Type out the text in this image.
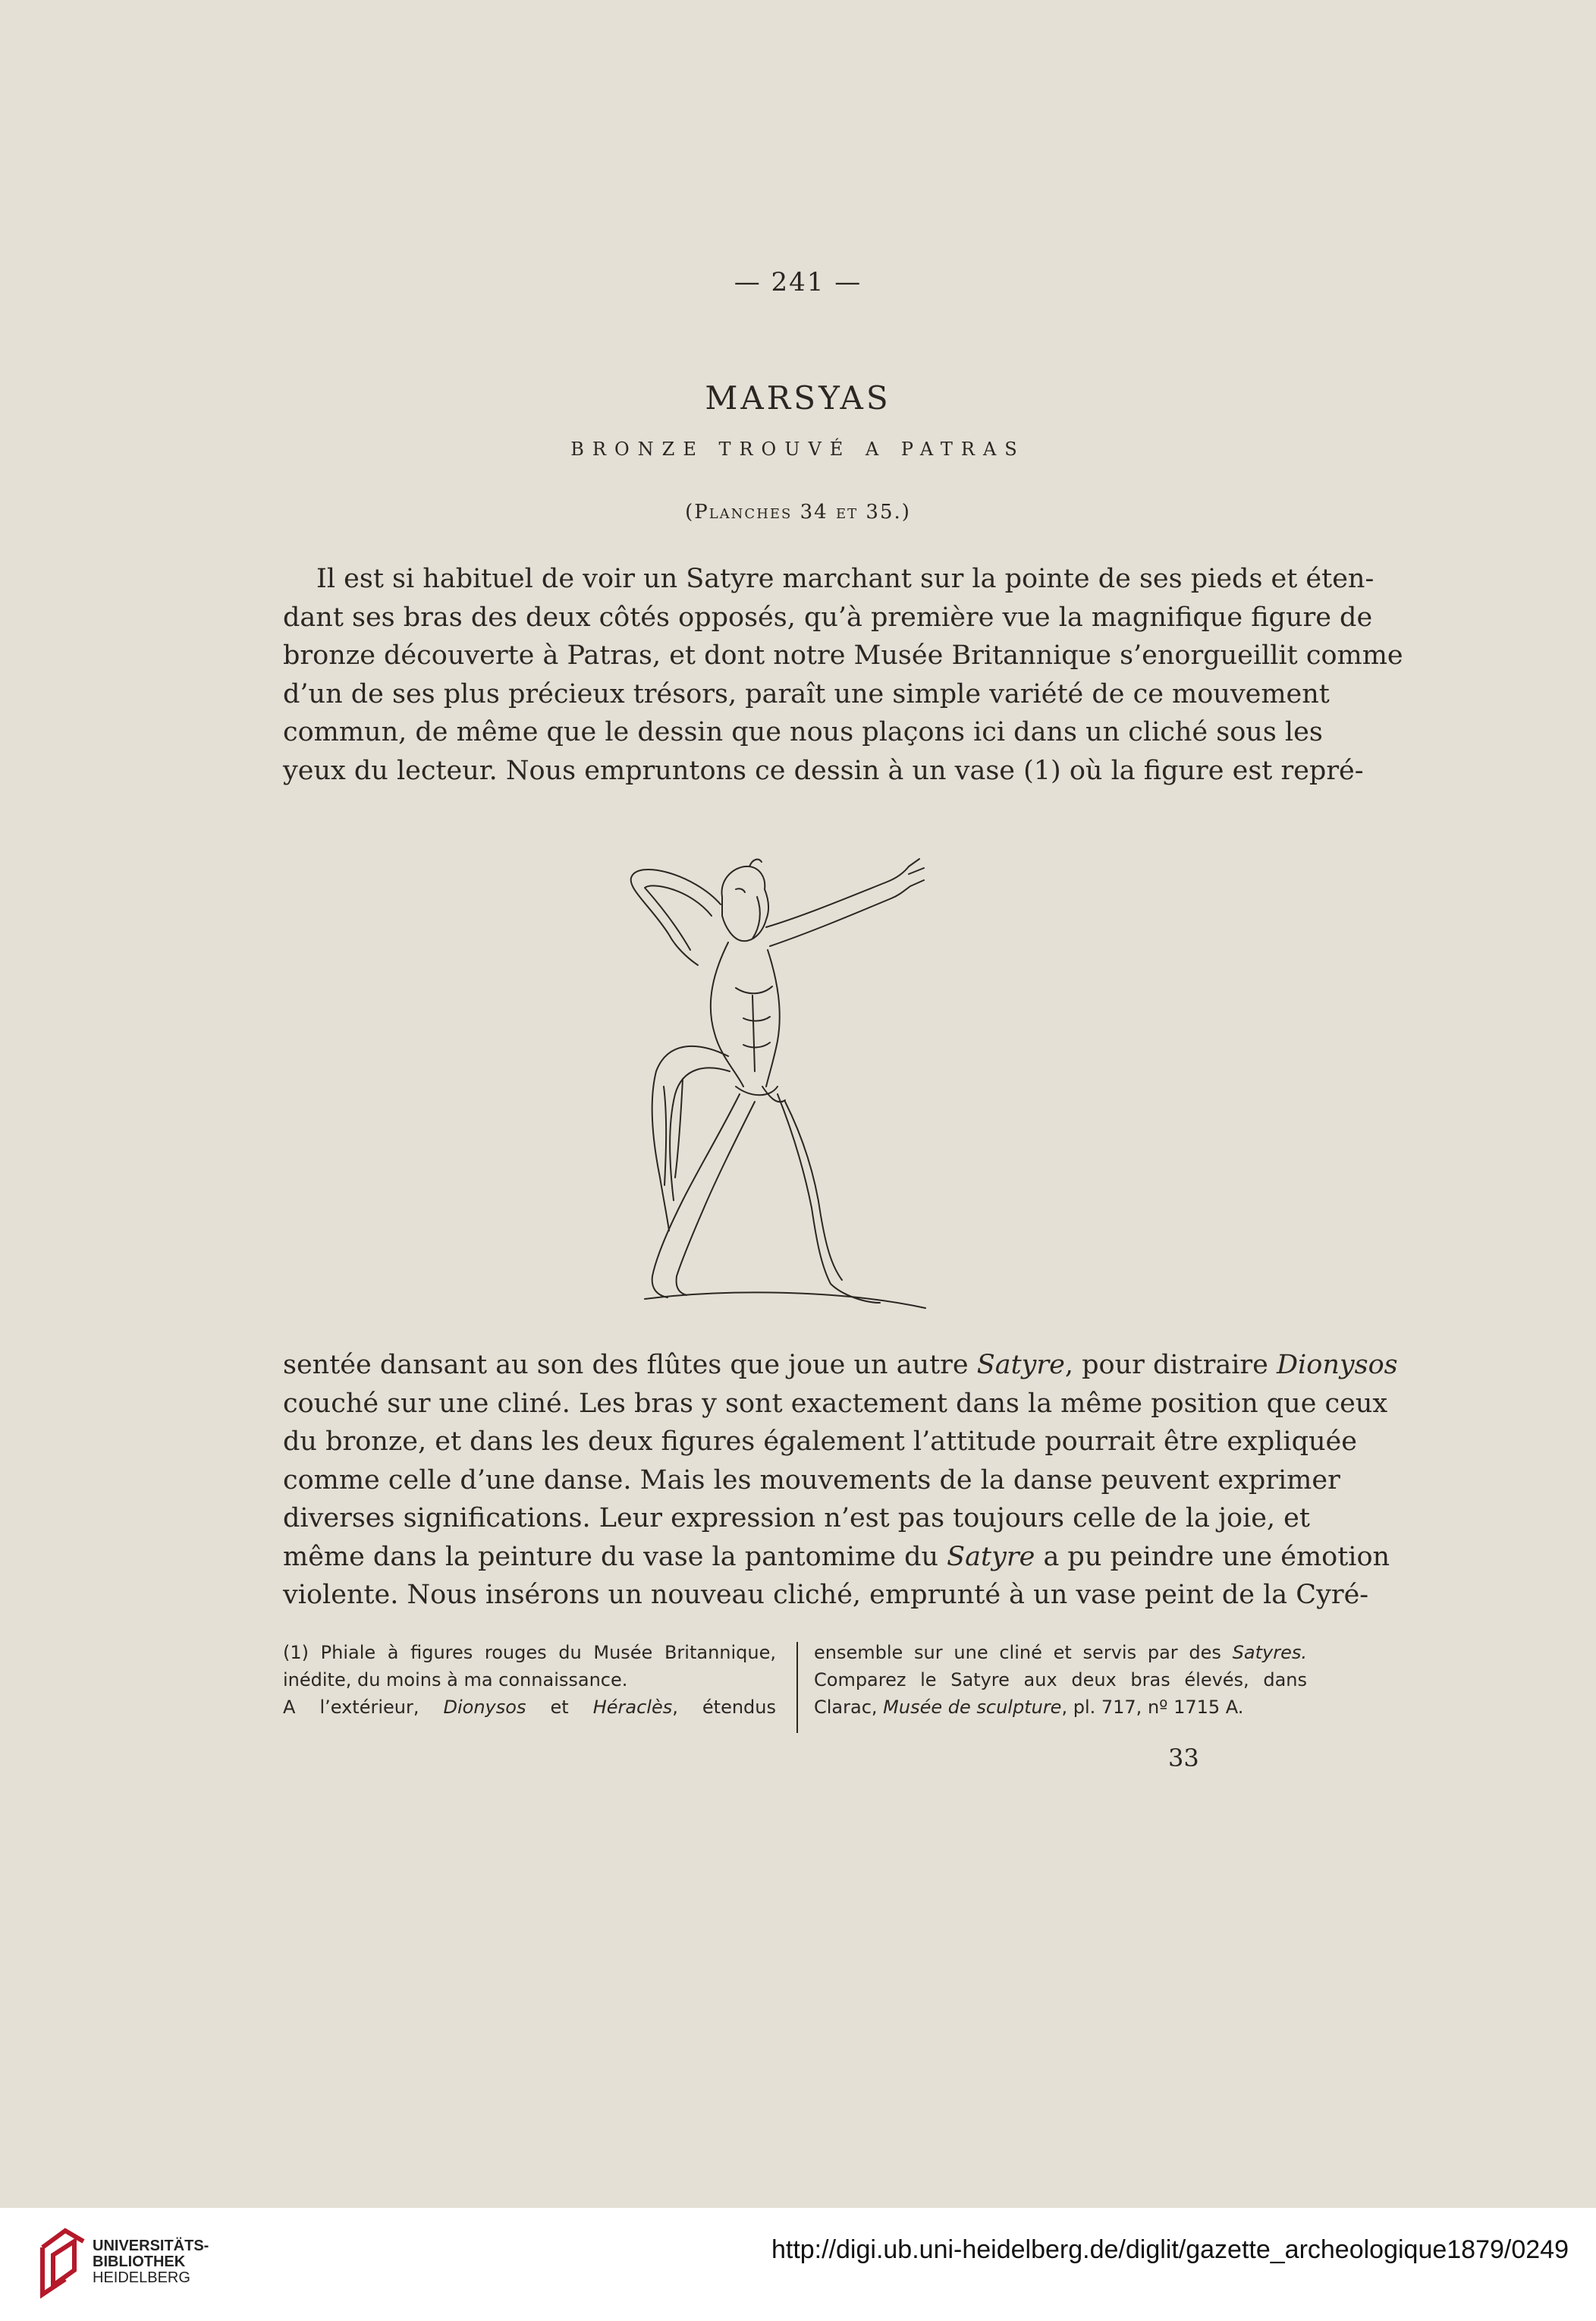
— 241 —
MARSYAS
BRONZE TROUVÉ A PATRAS
(Planches 34 et 35.)
Il est si habituel de voir un Satyre marchant sur la pointe de ses pieds et éten-
dant ses bras des deux côtés opposés, qu’à première vue la magnifique figure de
bronze découverte à Patras, et dont notre Musée Britannique s’enorgueillit comme
d’un de ses plus précieux trésors, paraît une simple variété de ce mouvement
commun, de même que le dessin que nous plaçons ici dans un cliché sous les
yeux du lecteur. Nous empruntons ce dessin à un vase (1) où la figure est repré-
sentée dansant au son des flûtes que joue un autre Satyre, pour distraire Dionysos
couché sur une cliné. Les bras y sont exactement dans la même position que ceux
du bronze, et dans les deux figures également l’attitude pourrait être expliquée
comme celle d’une danse. Mais les mouvements de la danse peuvent exprimer
diverses significations. Leur expression n’est pas toujours celle de la joie, et
même dans la peinture du vase la pantomime du Satyre a pu peindre une émotion
violente. Nous insérons un nouveau cliché, emprunté à un vase peint de la Cyré-
(1) Phiale à figures rouges du Musée Britannique,
inédite, du moins à ma connaissance.
A l’extérieur, Dionysos et Héraclès, étendus
ensemble sur une cliné et servis par des Satyres.
Comparez le Satyre aux deux bras élevés, dans
Clarac, Musée de sculpture, pl. 717, nº 1715 A.
33
UNIVERSITÄTS-
BIBLIOTHEK
HEIDELBERG
http://digi.ub.uni-heidelberg.de/diglit/gazette_archeologique1879/0249
